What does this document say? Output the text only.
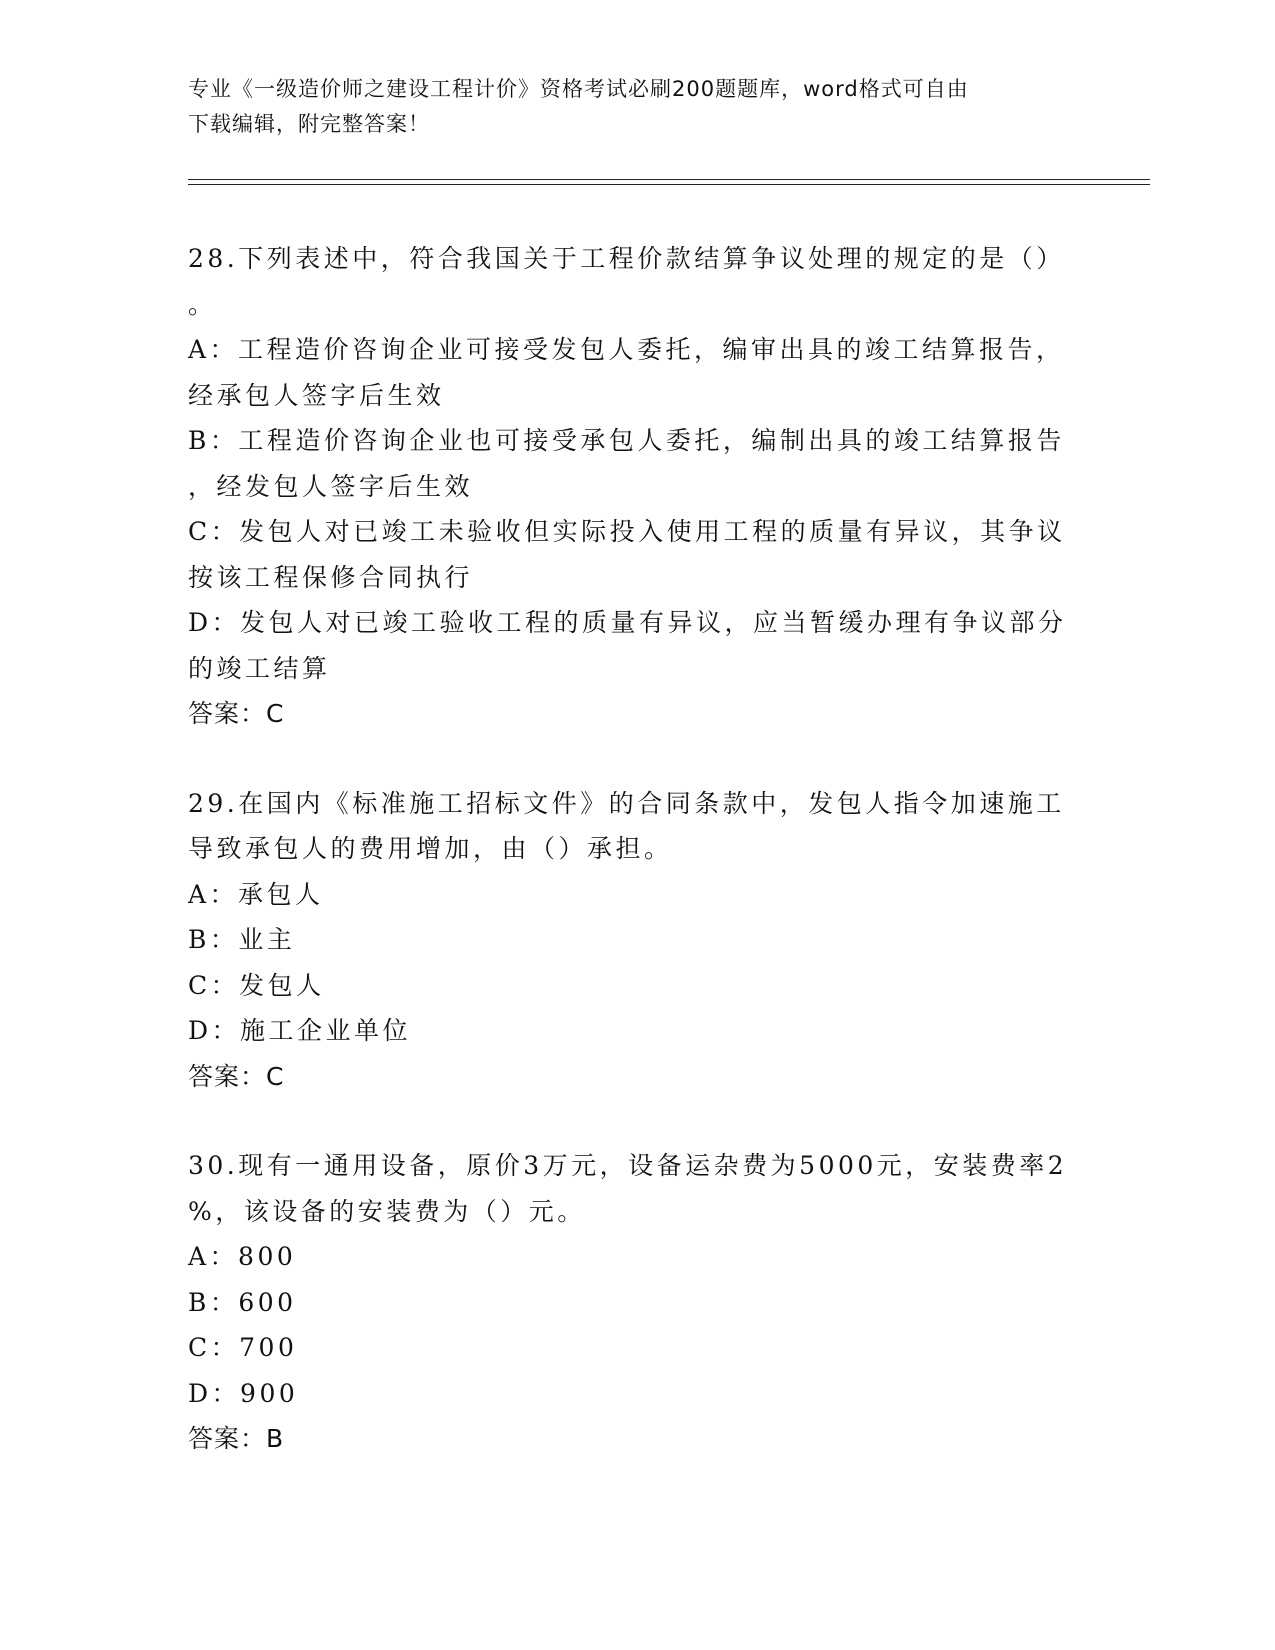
专业《一级造价师之建设工程计价》资格考试必刷200题题库，word格式可自由
下载编辑，附完整答案！
28.下列表述中，符合我国关于工程价款结算争议处理的规定的是（）
。
A：工程造价咨询企业可接受发包人委托，编审出具的竣工结算报告，
经承包人签字后生效
B：工程造价咨询企业也可接受承包人委托，编制出具的竣工结算报告
，经发包人签字后生效
C：发包人对已竣工未验收但实际投入使用工程的质量有异议，其争议
按该工程保修合同执行
D：发包人对已竣工验收工程的质量有异议，应当暂缓办理有争议部分
的竣工结算
答案：C
29.在国内《标准施工招标文件》的合同条款中，发包人指令加速施工
导致承包人的费用增加，由（）承担。
A：承包人
B：业主
C：发包人
D：施工企业单位
答案：C
30.现有一通用设备，原价3万元，设备运杂费为5000元，安装费率2
%，该设备的安装费为（）元。
A：800
B：600
C：700
D：900
答案：B
